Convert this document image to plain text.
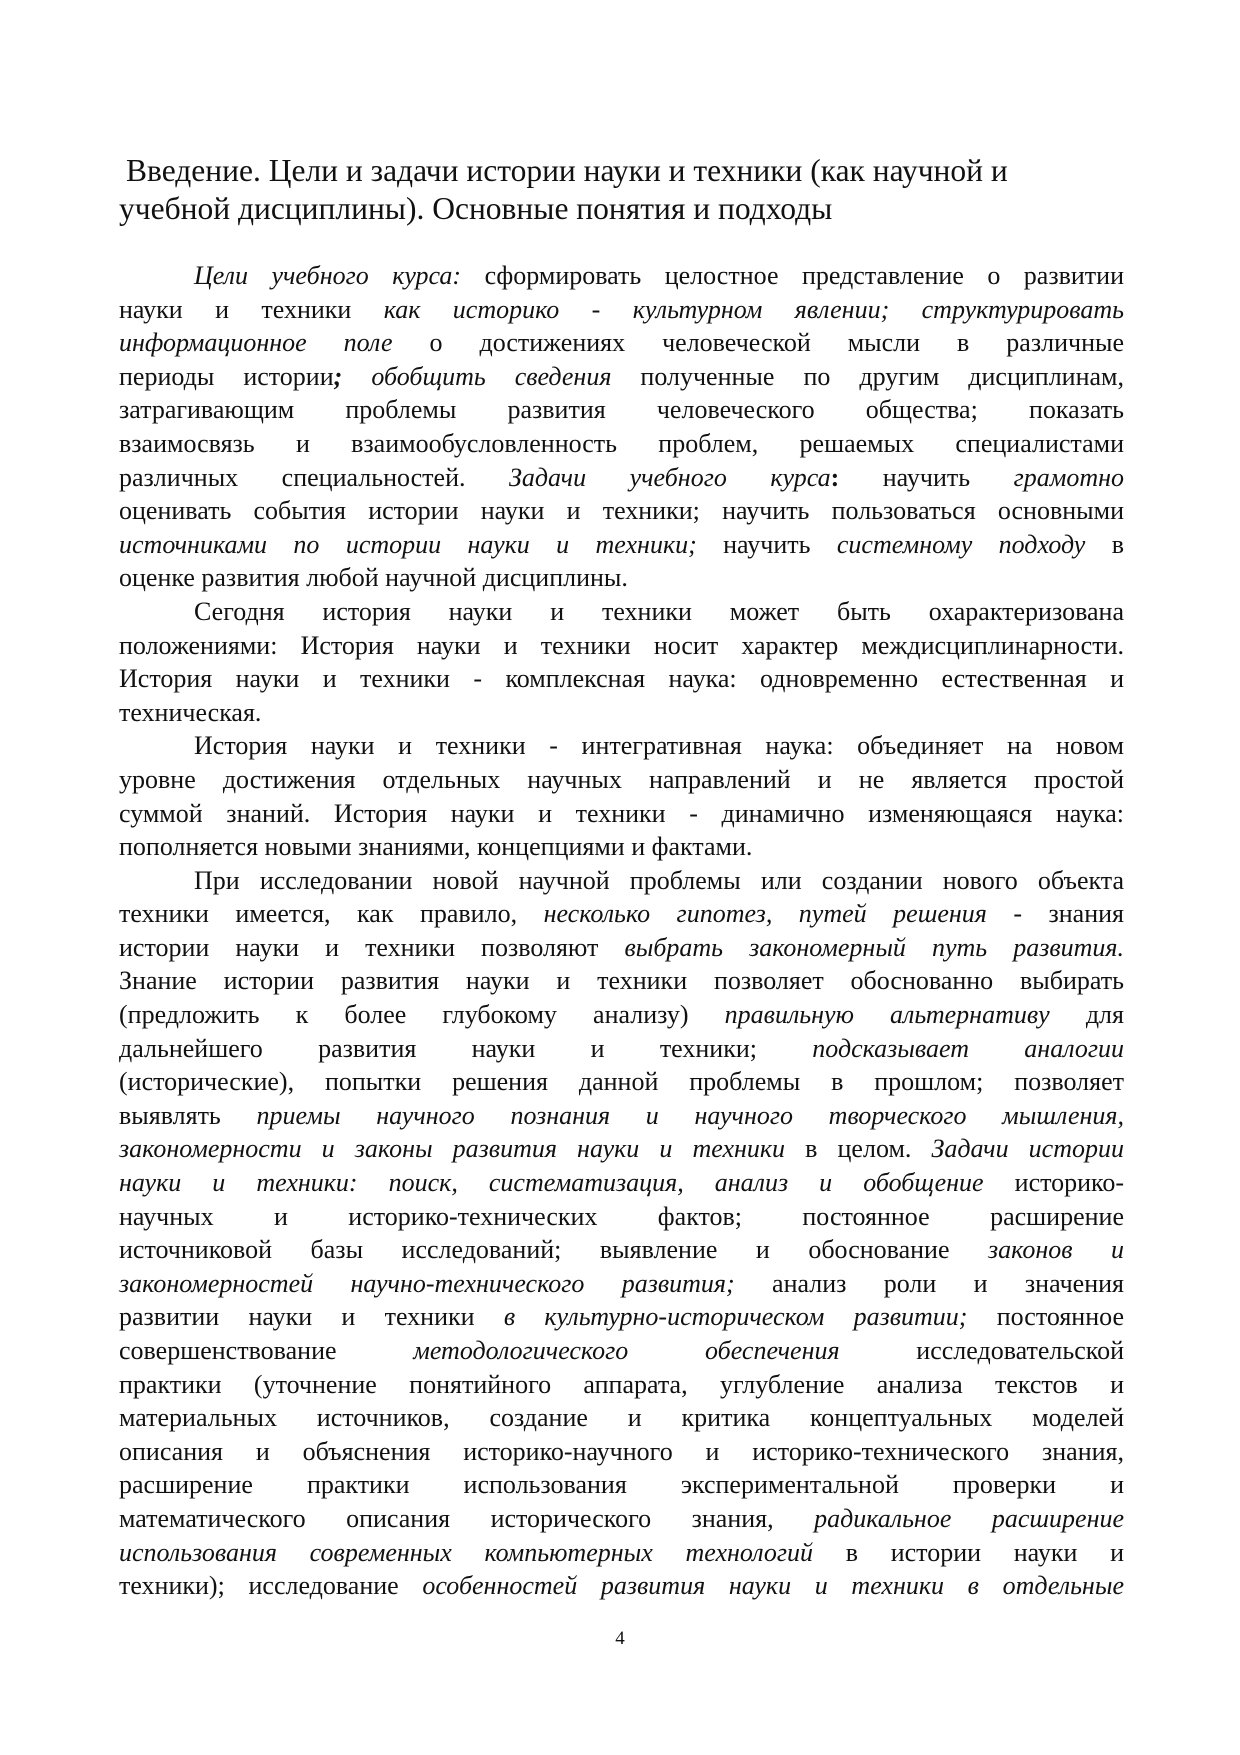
Введение. Цели и задачи истории науки и техники (как научной и
учебной дисциплины). Основные понятия и подходы
Цели учебного курса: сформировать целостное представление о развитии
науки и техники как историко - культурном явлении; структурировать
информационное поле о достижениях человеческой мысли в различные
периоды истории; обобщить сведения полученные по другим дисциплинам,
затрагивающим проблемы развития человеческого общества; показать
взаимосвязь и взаимообусловленность проблем, решаемых специалистами
различных специальностей. Задачи учебного курса: научить грамотно
оценивать события истории науки и техники; научить пользоваться основными
источниками по истории науки и техники; научить системному подходу в
оценке развития любой научной дисциплины.
Сегодня история науки и техники может быть охарактеризована
положениями: История науки и техники носит характер междисциплинарности.
История науки и техники - комплексная наука: одновременно естественная и
техническая.
История науки и техники - интегративная наука: объединяет на новом
уровне достижения отдельных научных направлений и не является простой
суммой знаний. История науки и техники - динамично изменяющаяся наука:
пополняется новыми знаниями, концепциями и фактами.
При исследовании новой научной проблемы или создании нового объекта
техники имеется, как правило, несколько гипотез, путей решения - знания
истории науки и техники позволяют выбрать закономерный путь развития.
Знание истории развития науки и техники позволяет обоснованно выбирать
(предложить к более глубокому анализу) правильную альтернативу для
дальнейшего развития науки и техники; подсказывает аналогии
(исторические), попытки решения данной проблемы в прошлом; позволяет
выявлять приемы научного познания и научного творческого мышления,
закономерности и законы развития науки и техники в целом. Задачи истории
науки и техники: поиск, систематизация, анализ и обобщение историко-
научных и историко-технических фактов; постоянное расширение
источниковой базы исследований; выявление и обоснование законов и
закономерностей научно-технического развития; анализ роли и значения
развитии науки и техники в культурно-историческом развитии; постоянное
совершенствование методологического обеспечения исследовательской
практики (уточнение понятийного аппарата, углубление анализа текстов и
материальных источников, создание и критика концептуальных моделей
описания и объяснения историко-научного и историко-технического знания,
расширение практики использования экспериментальной проверки и
математического описания исторического знания, радикальное расширение
использования современных компьютерных технологий в истории науки и
техники); исследование особенностей развития науки и техники в отдельные
4
